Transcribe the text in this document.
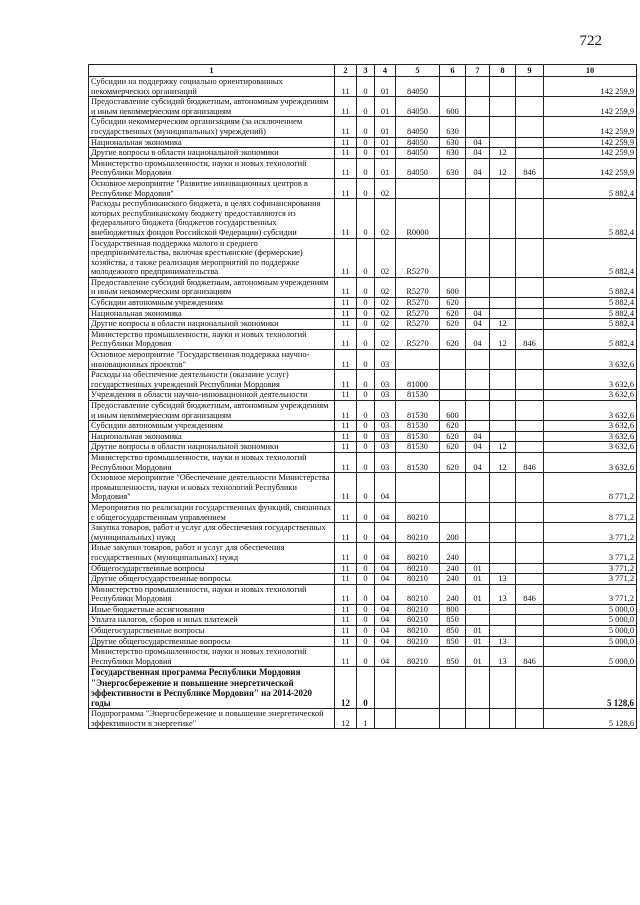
722
1	2	3	4	5	6	7	8	9	10
Субсидии на поддержку социально ориентированных некоммерческих организаций	11	0	01	84050					142 259,9
Предоставление субсидий бюджетным, автономным учреждениям и иным некоммерческим организациям	11	0	01	84050	600				142 259,9
Субсидии некоммерческим организациям (за исключением государственных (муниципальных) учреждений)	11	0	01	84050	630				142 259,9
Национальная экономика	11	0	01	84050	630	04			142 259,9
Другие вопросы в области национальной экономики	11	0	01	84050	630	04	12		142 259,9
Министерство промышленности, науки и новых технологий Республики Мордовия	11	0	01	84050	630	04	12	846	142 259,9
Основное мероприятие "Развитие инновационных центров в Республике Мордовия"	11	0	02						5 882,4
Расходы республиканского бюджета, в целях софинансирования которых республиканскому бюджету предоставляются из федерального бюджета (бюджетов государственных внебюджетных фондов Российской Федерации) субсидии	11	0	02	R0000					5 882,4
Государственная поддержка малого и среднего предпринимательства, включая крестьянские (фермерские) хозяйства, а также реализация мероприятий по поддержке молодежного предпринимательства	11	0	02	R5270					5 882,4
Предоставление субсидий бюджетным, автономным учреждениям и иным некоммерческим организациям	11	0	02	R5270	600				5 882,4
Субсидии автономным учреждениям	11	0	02	R5270	620				5 882,4
Национальная экономика	11	0	02	R5270	620	04			5 882,4
Другие вопросы в области национальной экономики	11	0	02	R5270	620	04	12		5 882,4
Министерство промышленности, науки и новых технологий Республики Мордовия	11	0	02	R5270	620	04	12	846	5 882,4
Основное мероприятие "Государственная поддержка научно-инновационных проектов"	11	0	03						3 632,6
Расходы на обеспечение деятельности (оказание услуг) государственных учреждений Республики Мордовия	11	0	03	81000					3 632,6
Учреждения в области научно-инновационной деятельности	11	0	03	81530					3 632,6
Предоставление субсидий бюджетным, автономным учреждениям и иным некоммерческим организациям	11	0	03	81530	600				3 632,6
Субсидии автономным учреждениям	11	0	03	81530	620				3 632,6
Национальная экономика	11	0	03	81530	620	04			3 632,6
Другие вопросы в области национальной экономики	11	0	03	81530	620	04	12		3 632,6
Министерство промышленности, науки и новых технологий Республики Мордовия	11	0	03	81530	620	04	12	846	3 632,6
Основное мероприятие "Обеспечение деятельности Министерства промышленности, науки и новых технологий Республики Мордовия"	11	0	04						8 771,2
Мероприятия по реализации государственных функций, связанных с общегосударственным управлением	11	0	04	80210					8 771,2
Закупка товаров, работ и услуг для обеспечения государственных (муниципальных) нужд	11	0	04	80210	200				3 771,2
Иные закупки товаров, работ и услуг для обеспечения государственных (муниципальных) нужд	11	0	04	80210	240				3 771,2
Общегосударственные вопросы	11	0	04	80210	240	01			3 771,2
Другие общегосударственные вопросы	11	0	04	80210	240	01	13		3 771,2
Министерство промышленности, науки и новых технологий Республики Мордовия	11	0	04	80210	240	01	13	846	3 771,2
Иные бюджетные ассигнования	11	0	04	80210	800				5 000,0
Уплата налогов, сборов и иных платежей	11	0	04	80210	850				5 000,0
Общегосударственные вопросы	11	0	04	80210	850	01			5 000,0
Другие общегосударственные вопросы	11	0	04	80210	850	01	13		5 000,0
Министерство промышленности, науки и новых технологий Республики Мордовия	11	0	04	80210	850	01	13	846	5 000,0
Государственная программа Республики Мордовия "Энергосбережение и повышение энергетической эффективности в Республике Мордовия" на 2014-2020 годы	12	0							5 128,6
Подпрограмма "Энергосбережение и повышение энергетической эффективности в энергетике"	12	1							5 128,6
